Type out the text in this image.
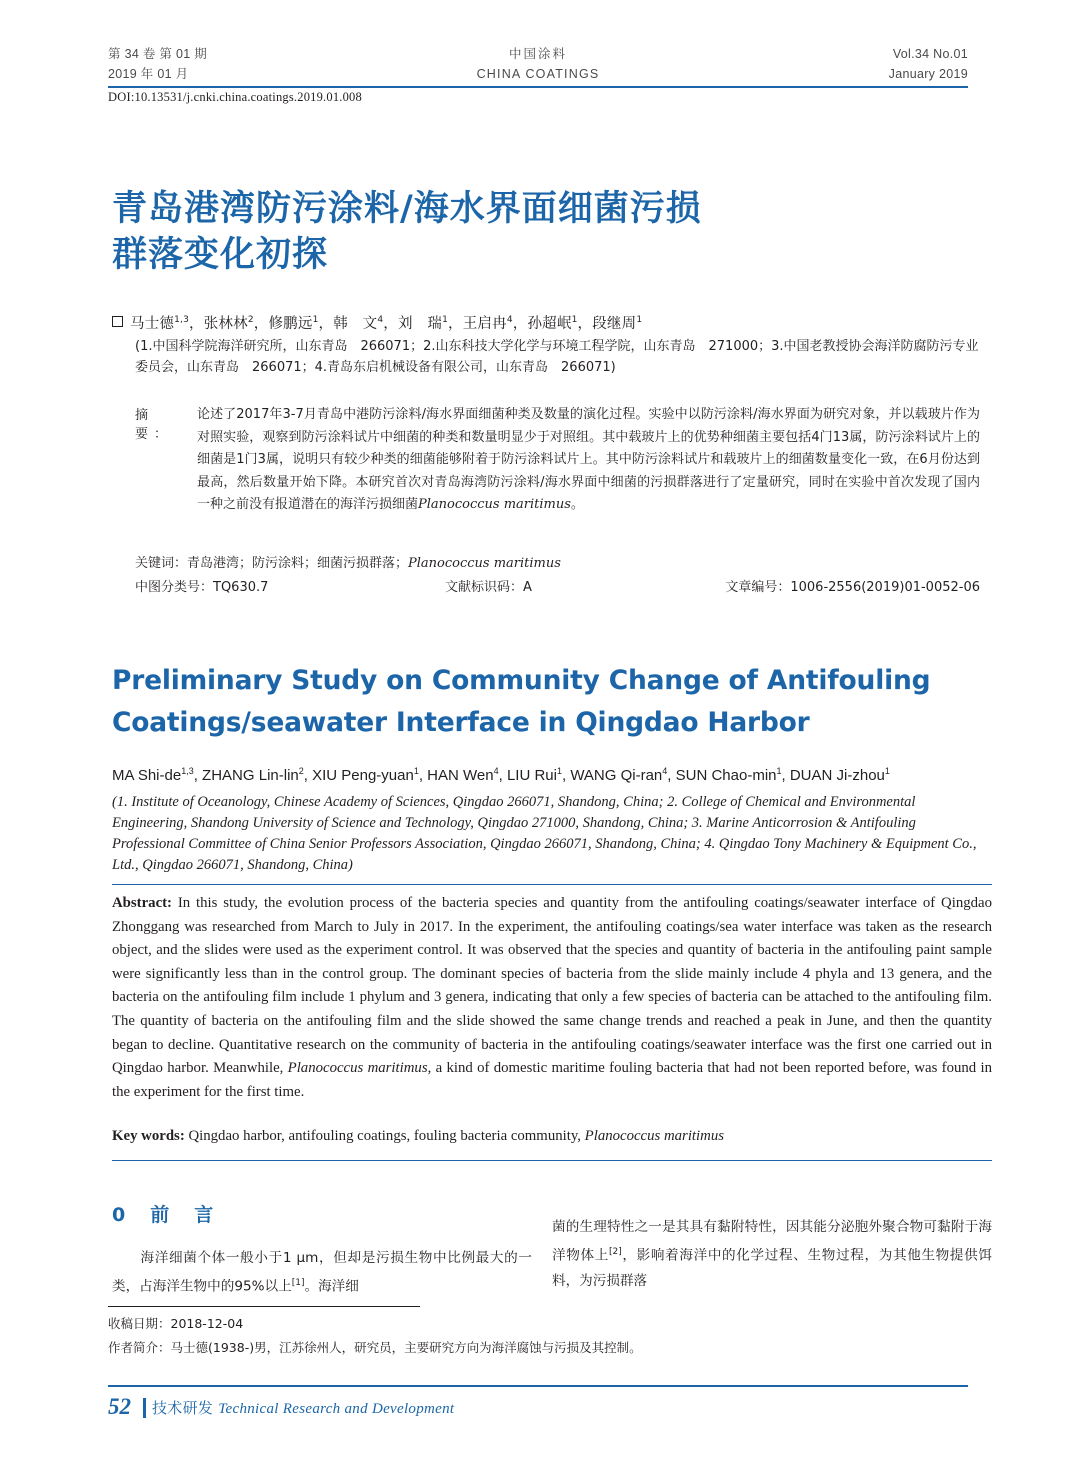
第 34 卷 第 01 期
2019 年 01 月
中国涂料
CHINA COATINGS
Vol.34 No.01
January 2019
DOI:10.13531/j.cnki.china.coatings.2019.01.008
青岛港湾防污涂料/海水界面细菌污损
群落变化初探
马士德$^{1,3}$，张林林$^2$，修鹏远$^1$，韩　文$^4$，刘　瑞$^1$，王启冉$^4$，孙超岷$^1$，段继周$^1$
(1.中国科学院海洋研究所，山东青岛　266071；2.山东科技大学化学与环境工程学院，山东青岛　271000；3.中国老教授协会海洋防腐防污专业委员会，山东青岛　266071；4.青岛东启机械设备有限公司，山东青岛　266071)
摘　要：
论述了2017年3-7月青岛中港防污涂料/海水界面细菌种类及数量的演化过程。实验中以防污涂料/海水界面为研究对象，并以载玻片作为对照实验，观察到防污涂料试片中细菌的种类和数量明显少于对照组。其中载玻片上的优势种细菌主要包括4门13属，防污涂料试片上的细菌是1门3属，说明只有较少种类的细菌能够附着于防污涂料试片上。其中防污涂料试片和载玻片上的细菌数量变化一致，在6月份达到最高，然后数量开始下降。本研究首次对青岛海湾防污涂料/海水界面中细菌的污损群落进行了定量研究，同时在实验中首次发现了国内一种之前没有报道潜在的海洋污损细菌Planococcus maritimus。
关键词：青岛港湾；防污涂料；细菌污损群落；Planococcus maritimus
中图分类号：TQ630.7	文献标识码：A	文章编号：1006-2556(2019)01-0052-06
Preliminary Study on Community Change of Antifouling
Coatings/seawater Interface in Qingdao Harbor
MA Shi-de$^{1,3}$, ZHANG Lin-lin$^2$, XIU Peng-yuan$^1$, HAN Wen$^4$, LIU Rui$^1$, WANG Qi-ran$^4$, SUN Chao-$\min^1$, DUAN Ji-zhou$^1$
(1. Institute of Oceanology, Chinese Academy of Sciences, Qingdao 266071, Shandong, China; 2. College of Chemical and Environmental Engineering, Shandong University of Science and Technology, Qingdao 271000, Shandong, China; 3. Marine Anticorrosion & Antifouling Professional Committee of China Senior Professors Association, Qingdao 266071, Shandong, China; 4. Qingdao Tony Machinery & Equipment Co., Ltd., Qingdao 266071, Shandong, China)
Abstract: In this study, the evolution process of the bacteria species and quantity from the antifouling coatings/seawater interface of Qingdao Zhonggang was researched from March to July in 2017. In the experiment, the antifouling coatings/sea water interface was taken as the research object, and the slides were used as the experiment control. It was observed that the species and quantity of bacteria in the antifouling paint sample were significantly less than in the control group. The dominant species of bacteria from the slide mainly include 4 phyla and 13 genera, and the bacteria on the antifouling film include 1 phylum and 3 genera, indicating that only a few species of bacteria can be attached to the antifouling film. The quantity of bacteria on the antifouling film and the slide showed the same change trends and reached a peak in June, and then the quantity began to decline. Quantitative research on the community of bacteria in the antifouling coatings/seawater interface was the first one carried out in Qingdao harbor. Meanwhile, Planococcus maritimus, a kind of domestic maritime fouling bacteria that had not been reported before, was found in the experiment for the first time.
Key words: Qingdao harbor, antifouling coatings, fouling bacteria community, Planococcus maritimus
0　前　言
　　海洋细菌个体一般小于1 μm，但却是污损生物中比例最大的一类，占海洋生物中的95%以上[1]。海洋细
菌的生理特性之一是其具有黏附特性，因其能分泌胞外聚合物可黏附于海洋物体上[2]，影响着海洋中的化学过程、生物过程，为其他生物提供饵料，为污损群落
收稿日期：2018-12-04
作者简介：马士德(1938-)男，江苏徐州人，研究员，主要研究方向为海洋腐蚀与污损及其控制。
52 技术研发 Technical Research and Development
